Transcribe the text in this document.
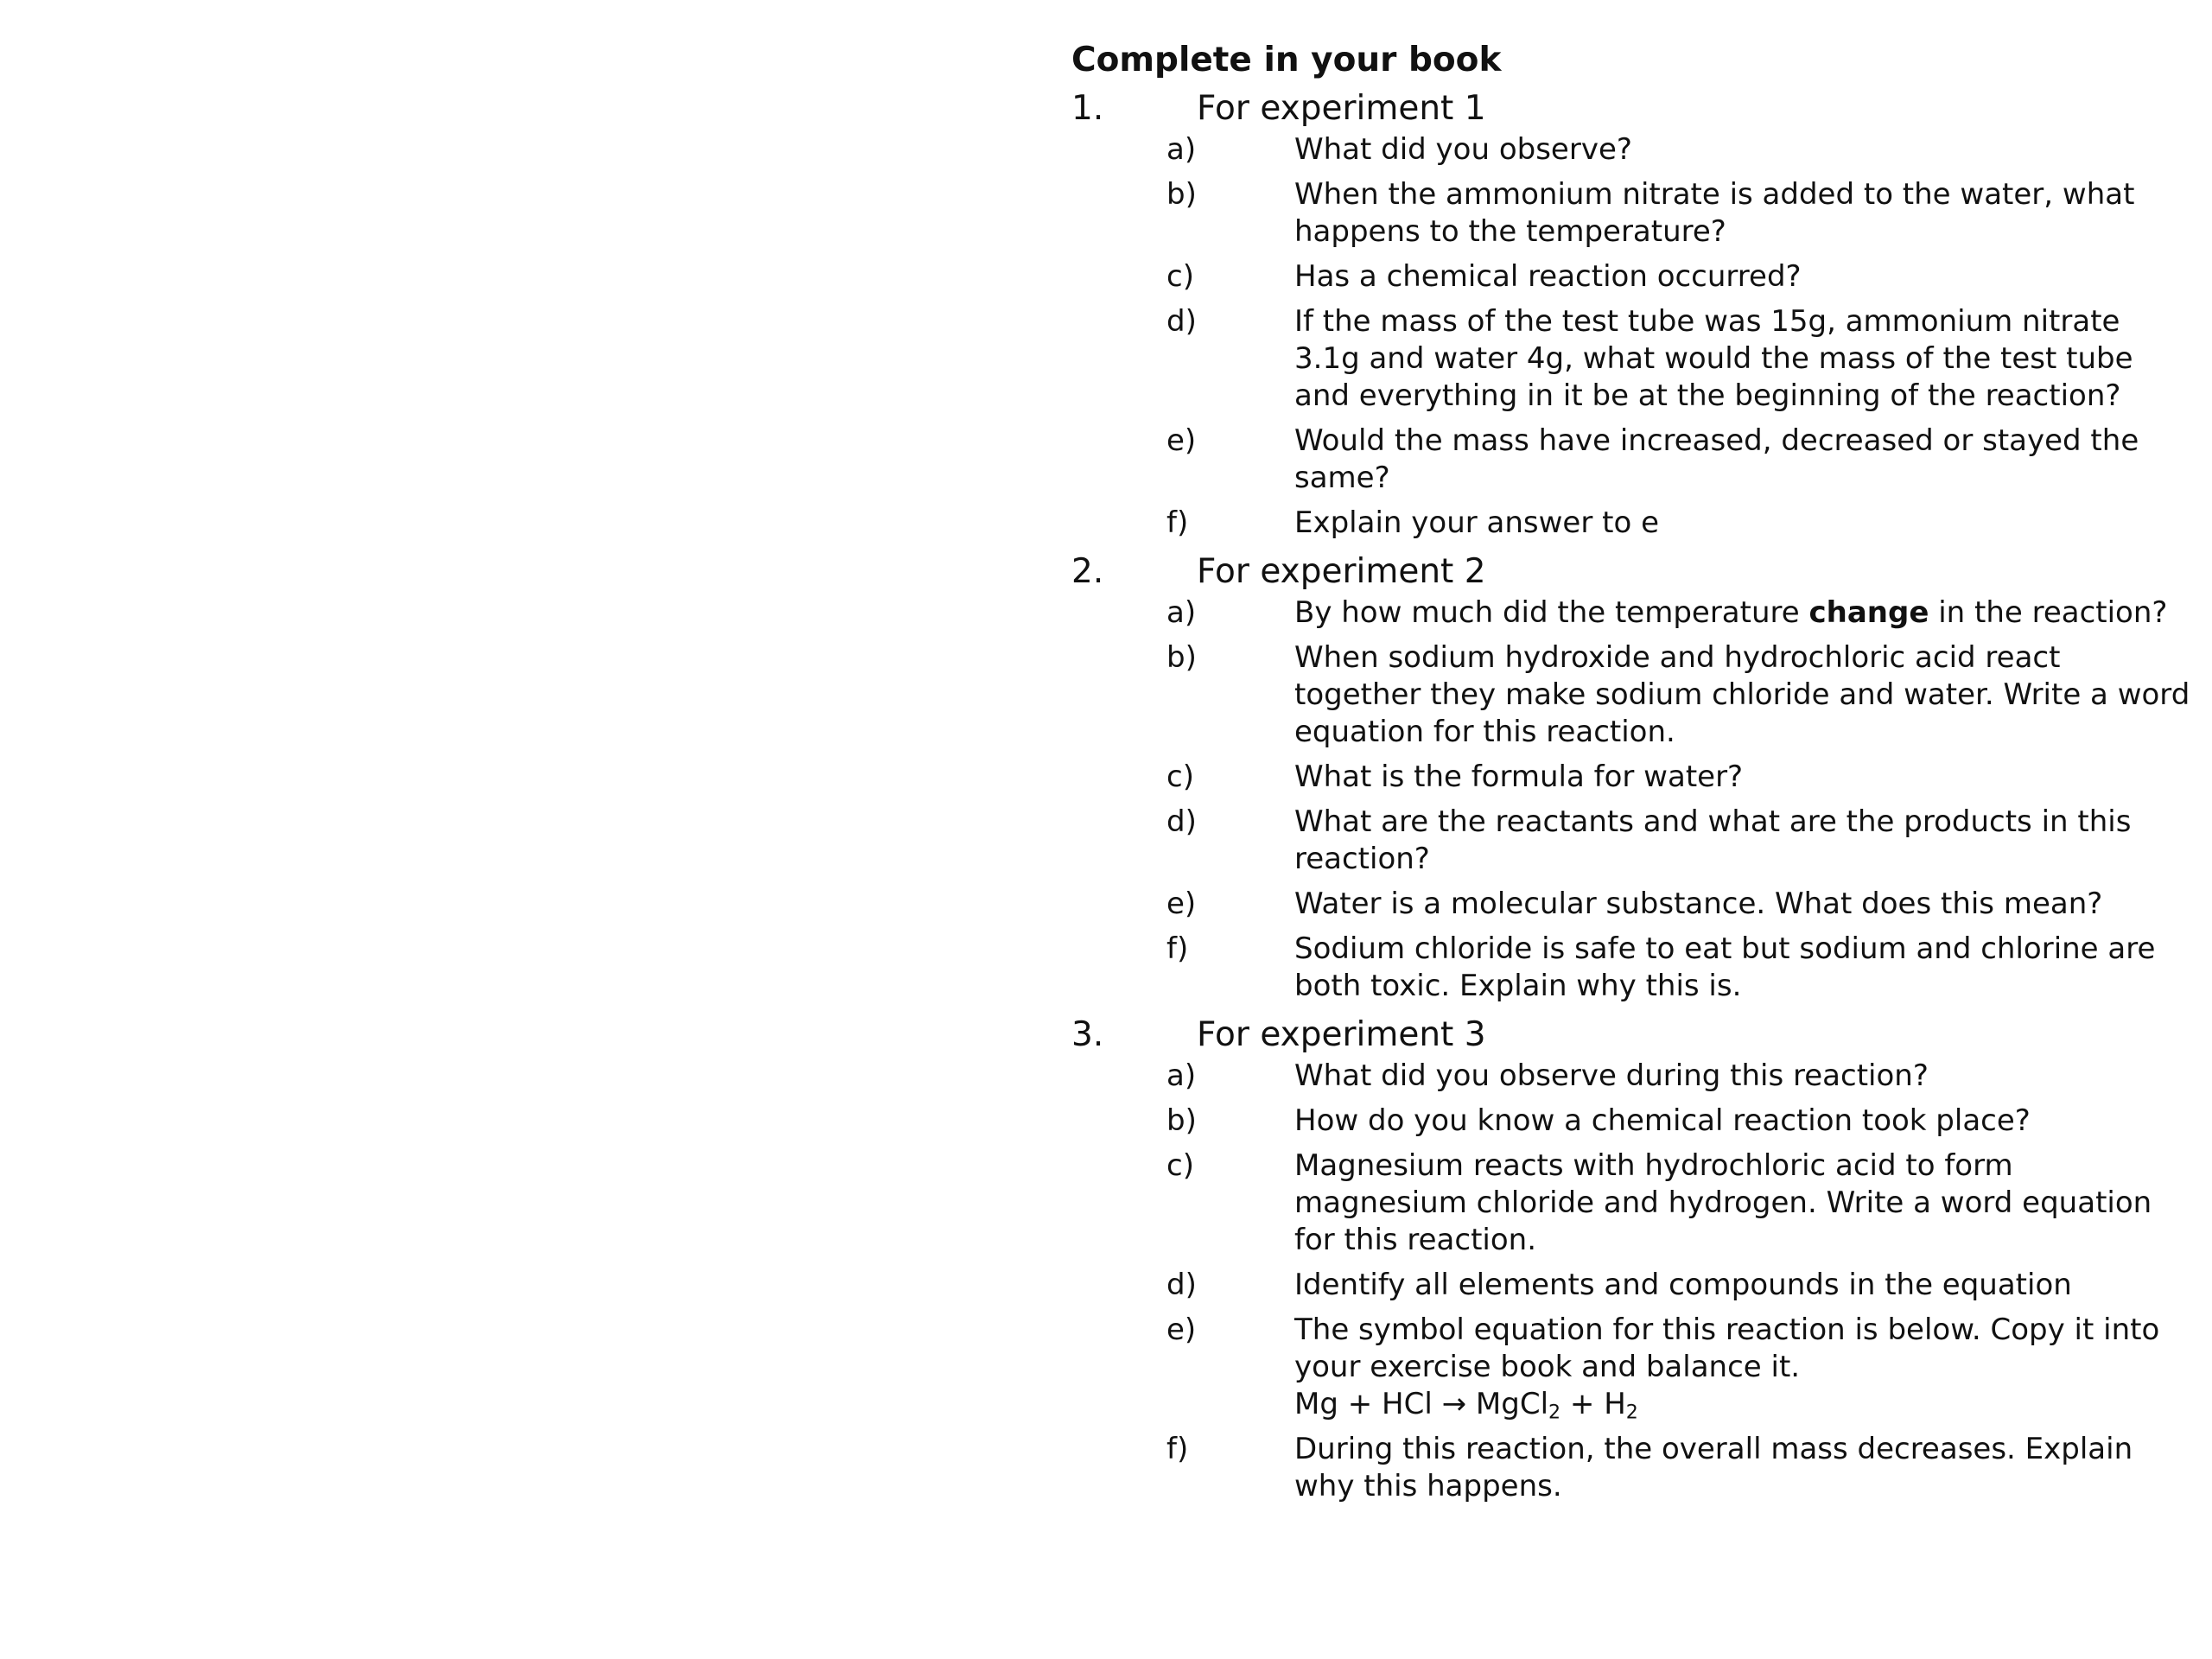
Complete in your book
1.	For experiment 1
a)	What did you observe?
b)	When the ammonium nitrate is added to the water, what happens to the temperature?
c)	Has a chemical reaction occurred?
d)	If the mass of the test tube was 15g, ammonium nitrate 3.1g and water 4g, what would the mass of the test tube and everything in it be at the beginning of the reaction?
e)	Would the mass have increased, decreased or stayed the same?
f)	Explain your answer to e
2.	For experiment 2
a)	By how much did the temperature change in the reaction?
b)	When sodium hydroxide and hydrochloric acid react together they make sodium chloride and water. Write a word equation for this reaction.
c)	What is the formula for water?
d)	What are the reactants and what are the products in this reaction?
e)	Water is a molecular substance. What does this mean?
f)	Sodium chloride is safe to eat but sodium and chlorine are both toxic. Explain why this is.
3.	For experiment 3
a)	What did you observe during this reaction?
b)	How do you know a chemical reaction took place?
c)	Magnesium reacts with hydrochloric acid to form magnesium chloride and hydrogen. Write a word equation for this reaction.
d)	Identify all elements and compounds in the equation
e)	The symbol equation for this reaction is below. Copy it into your exercise book and balance it.
Mg + HCl → MgCl$_2$ + $H_2$
f)	During this reaction, the overall mass decreases. Explain why this happens.
